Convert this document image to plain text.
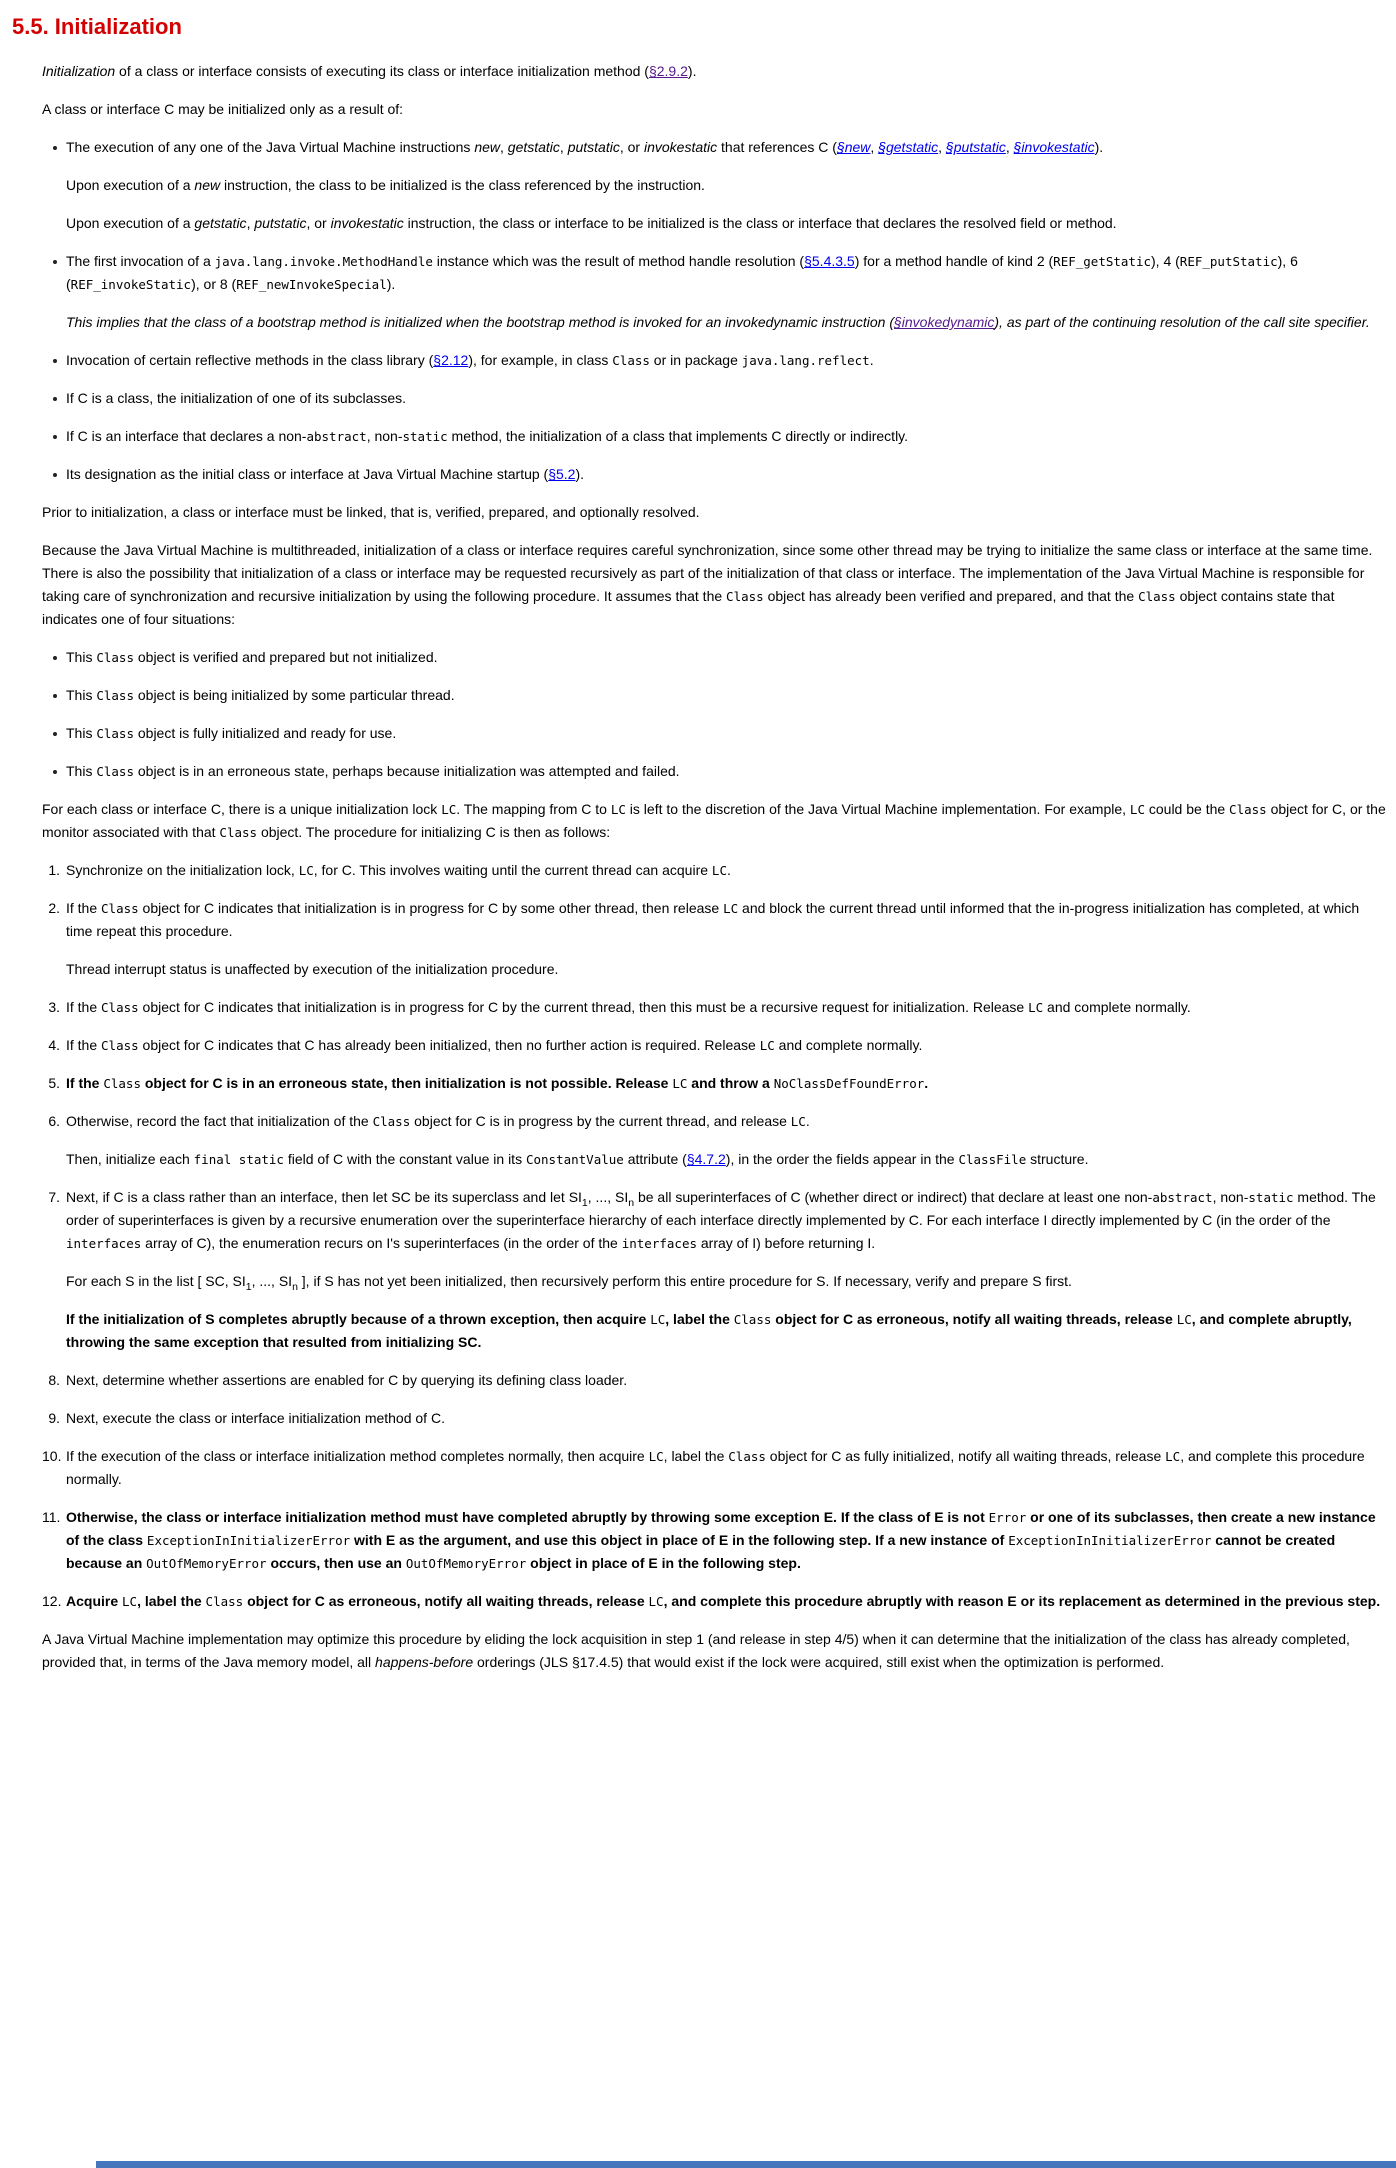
5.5. Initialization
Initialization of a class or interface consists of executing its class or interface initialization method (§2.9.2).
A class or interface C may be initialized only as a result of:
The execution of any one of the Java Virtual Machine instructions new, getstatic, putstatic, or invokestatic that references C (§new, §getstatic, §putstatic, §invokestatic).
Upon execution of a new instruction, the class to be initialized is the class referenced by the instruction.
Upon execution of a getstatic, putstatic, or invokestatic instruction, the class or interface to be initialized is the class or interface that declares the resolved field or method.
The first invocation of a java.lang.invoke.MethodHandle instance which was the result of method handle resolution (§5.4.3.5) for a method handle of kind 2 (REF_getStatic), 4 (REF_putStatic), 6 (REF_invokeStatic), or 8 (REF_newInvokeSpecial).
This implies that the class of a bootstrap method is initialized when the bootstrap method is invoked for an invokedynamic instruction (§invokedynamic), as part of the continuing resolution of the call site specifier.
Invocation of certain reflective methods in the class library (§2.12), for example, in class Class or in package java.lang.reflect.
If C is a class, the initialization of one of its subclasses.
If C is an interface that declares a non-abstract, non-static method, the initialization of a class that implements C directly or indirectly.
Its designation as the initial class or interface at Java Virtual Machine startup (§5.2).
Prior to initialization, a class or interface must be linked, that is, verified, prepared, and optionally resolved.
Because the Java Virtual Machine is multithreaded, initialization of a class or interface requires careful synchronization, since some other thread may be trying to initialize the same class or interface at the same time. There is also the possibility that initialization of a class or interface may be requested recursively as part of the initialization of that class or interface. The implementation of the Java Virtual Machine is responsible for taking care of synchronization and recursive initialization by using the following procedure. It assumes that the Class object has already been verified and prepared, and that the Class object contains state that indicates one of four situations:
This Class object is verified and prepared but not initialized.
This Class object is being initialized by some particular thread.
This Class object is fully initialized and ready for use.
This Class object is in an erroneous state, perhaps because initialization was attempted and failed.
For each class or interface C, there is a unique initialization lock LC. The mapping from C to LC is left to the discretion of the Java Virtual Machine implementation. For example, LC could be the Class object for C, or the monitor associated with that Class object. The procedure for initializing C is then as follows:
1. Synchronize on the initialization lock, LC, for C. This involves waiting until the current thread can acquire LC.
2. If the Class object for C indicates that initialization is in progress for C by some other thread, then release LC and block the current thread until informed that the in-progress initialization has completed, at which time repeat this procedure.
Thread interrupt status is unaffected by execution of the initialization procedure.
3. If the Class object for C indicates that initialization is in progress for C by the current thread, then this must be a recursive request for initialization. Release LC and complete normally.
4. If the Class object for C indicates that C has already been initialized, then no further action is required. Release LC and complete normally.
5. If the Class object for C is in an erroneous state, then initialization is not possible. Release LC and throw a NoClassDefFoundError.
6. Otherwise, record the fact that initialization of the Class object for C is in progress by the current thread, and release LC.
Then, initialize each final static field of C with the constant value in its ConstantValue attribute (§4.7.2), in the order the fields appear in the ClassFile structure.
7. Next, if C is a class rather than an interface, then let SC be its superclass and let $SI_1$, ..., $SI_n$ be all superinterfaces of C (whether direct or indirect) that declare at least one non-abstract, non-static method. The order of superinterfaces is given by a recursive enumeration over the superinterface hierarchy of each interface directly implemented by C. For each interface I directly implemented by C (in the order of the interfaces array of C), the enumeration recurs on I's superinterfaces (in the order of the interfaces array of I) before returning I.
For each S in the list [ SC, $SI_1$, ..., $SI_n$ ], if S has not yet been initialized, then recursively perform this entire procedure for S. If necessary, verify and prepare S first.
If the initialization of S completes abruptly because of a thrown exception, then acquire LC, label the Class object for C as erroneous, notify all waiting threads, release LC, and complete abruptly, throwing the same exception that resulted from initializing SC.
8. Next, determine whether assertions are enabled for C by querying its defining class loader.
9. Next, execute the class or interface initialization method of C.
10. If the execution of the class or interface initialization method completes normally, then acquire LC, label the Class object for C as fully initialized, notify all waiting threads, release LC, and complete this procedure normally.
11. Otherwise, the class or interface initialization method must have completed abruptly by throwing some exception E. If the class of E is not Error or one of its subclasses, then create a new instance of the class ExceptionInInitializerError with E as the argument, and use this object in place of E in the following step. If a new instance of ExceptionInInitializerError cannot be created because an OutOfMemoryError occurs, then use an OutOfMemoryError object in place of E in the following step.
12. Acquire LC, label the Class object for C as erroneous, notify all waiting threads, release LC, and complete this procedure abruptly with reason E or its replacement as determined in the previous step.
A Java Virtual Machine implementation may optimize this procedure by eliding the lock acquisition in step 1 (and release in step 4/5) when it can determine that the initialization of the class has already completed, provided that, in terms of the Java memory model, all happens-before orderings (JLS §17.4.5) that would exist if the lock were acquired, still exist when the optimization is performed.
